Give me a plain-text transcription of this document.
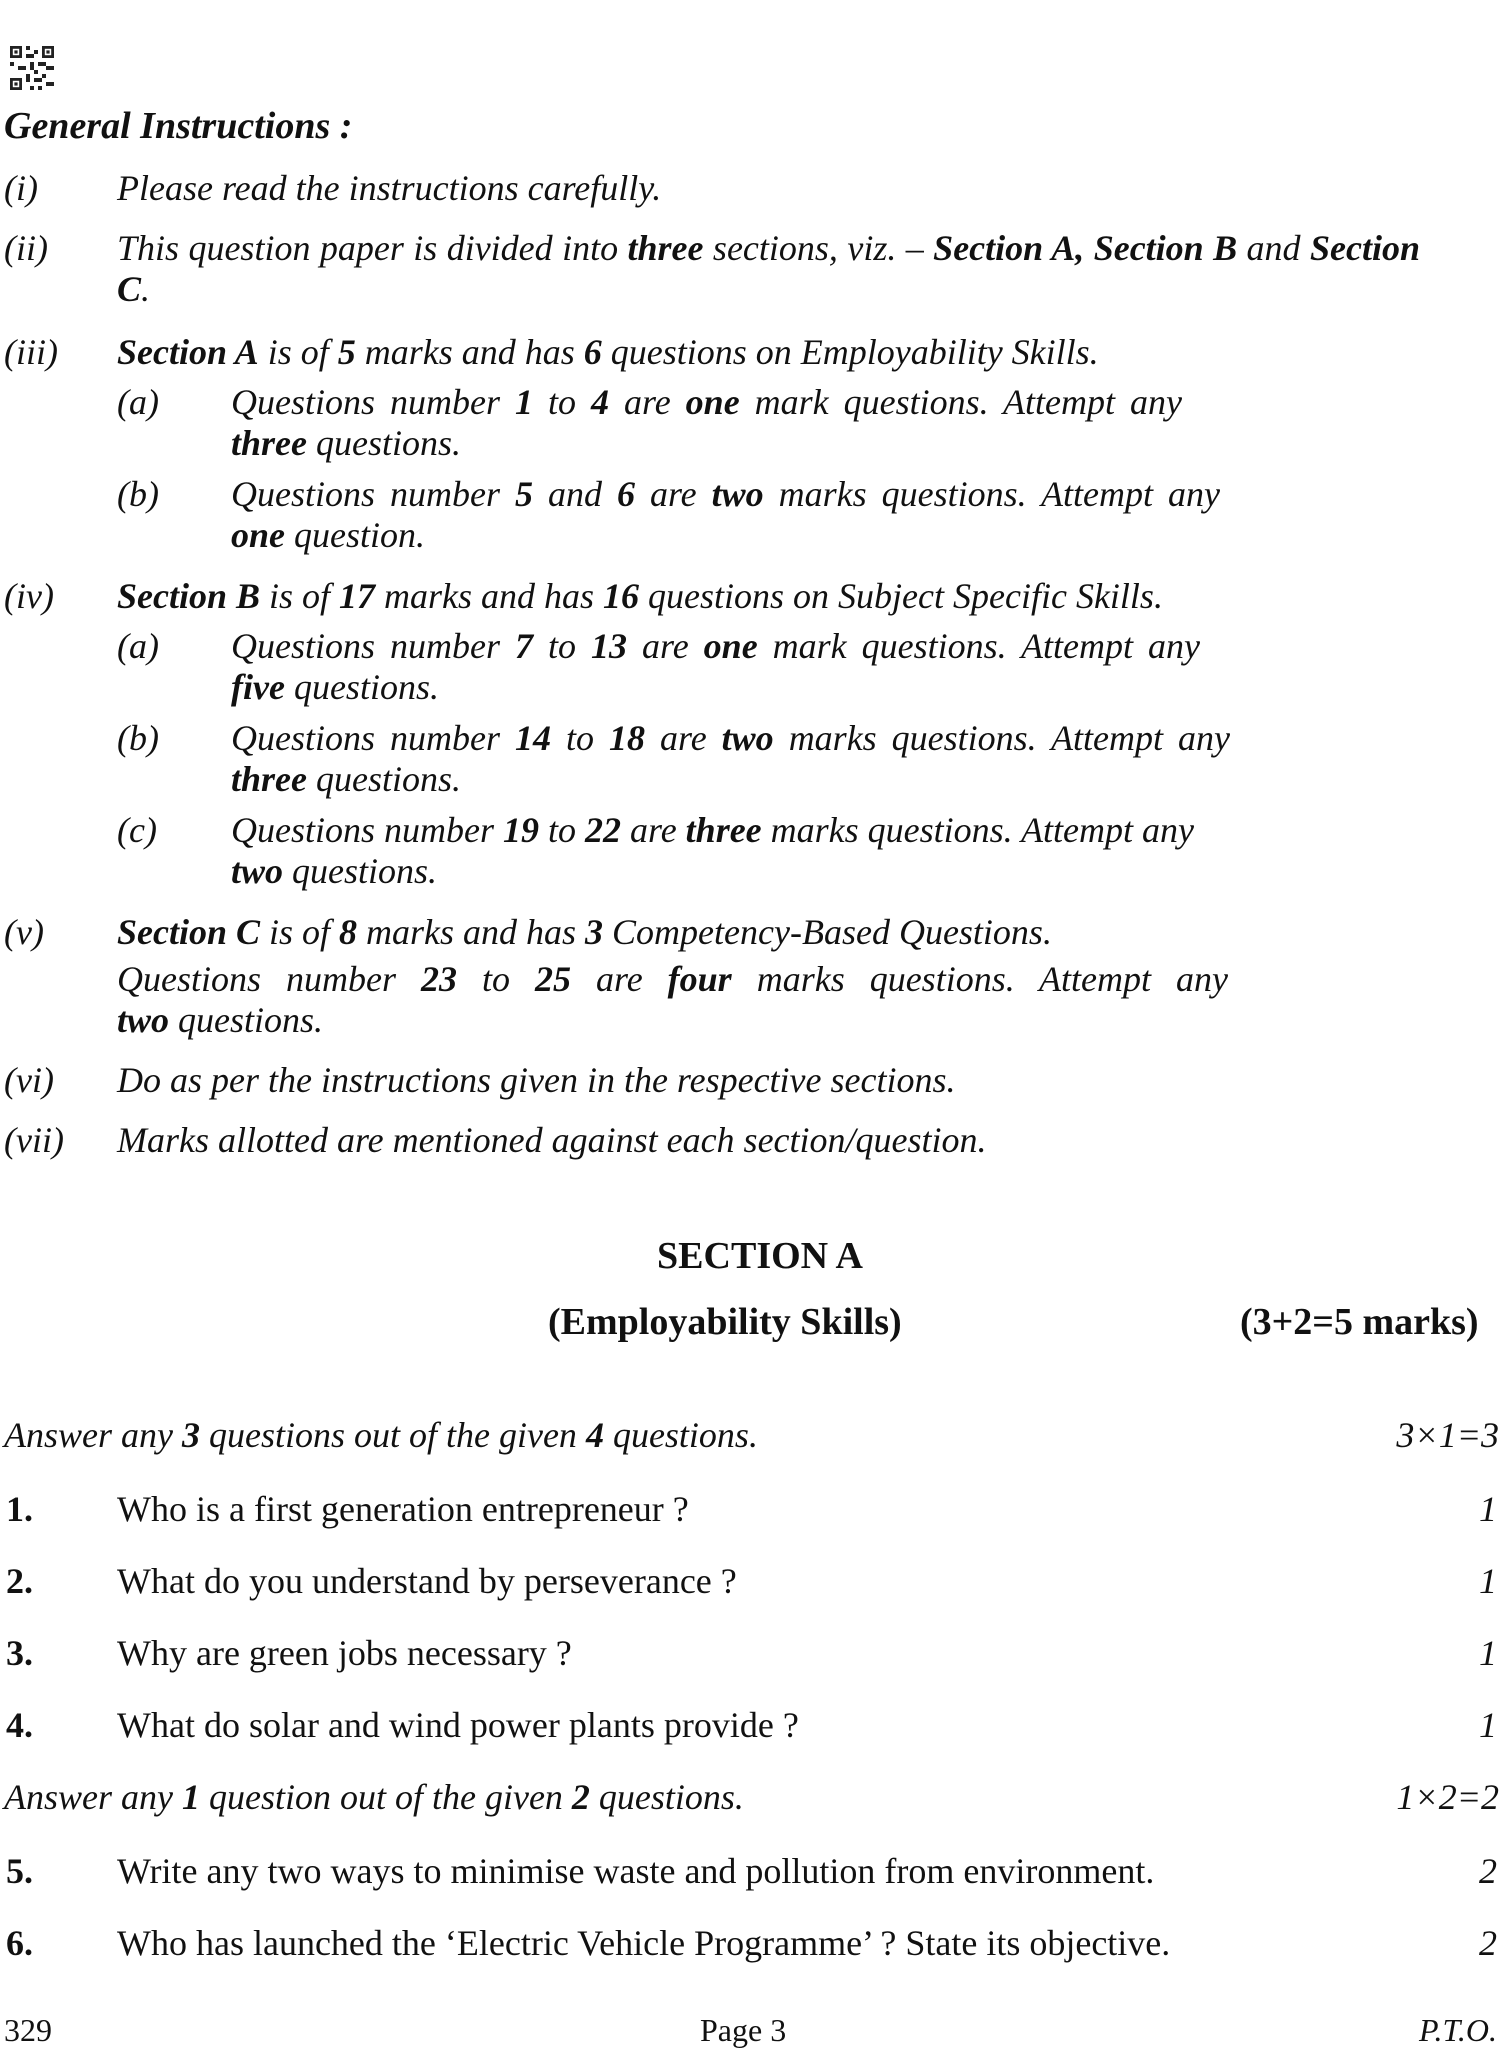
General Instructions :
(i) Please read the instructions carefully.
(ii) This question paper is divided into three sections, viz. – Section A, Section B and Section C.
(iii) Section A is of 5 marks and has 6 questions on Employability Skills.
(a) Questions number 1 to 4 are one mark questions. Attempt any
three questions.
(b) Questions number 5 and 6 are two marks questions. Attempt any
one question.
(iv) Section B is of 17 marks and has 16 questions on Subject Specific Skills.
(a) Questions number 7 to 13 are one mark questions. Attempt any
five questions.
(b) Questions number 14 to 18 are two marks questions. Attempt any
three questions.
(c) Questions number 19 to 22 are three marks questions. Attempt any
two questions.
(v) Section C is of 8 marks and has 3 Competency-Based Questions.
Questions number 23 to 25 are four marks questions. Attempt any
two questions.
(vi) Do as per the instructions given in the respective sections.
(vii) Marks allotted are mentioned against each section/question.
SECTION A
(Employability Skills)	(3+2=5 marks)
Answer any 3 questions out of the given 4 questions.	3×1=3
1. Who is a first generation entrepreneur ?	1
2. What do you understand by perseverance ?	1
3. Why are green jobs necessary ?	1
4. What do solar and wind power plants provide ?	1
Answer any 1 question out of the given 2 questions.	1×2=2
5. Write any two ways to minimise waste and pollution from environment.	2
6. Who has launched the ‘Electric Vehicle Programme’ ? State its objective.	2
329	Page 3	P.T.O.
